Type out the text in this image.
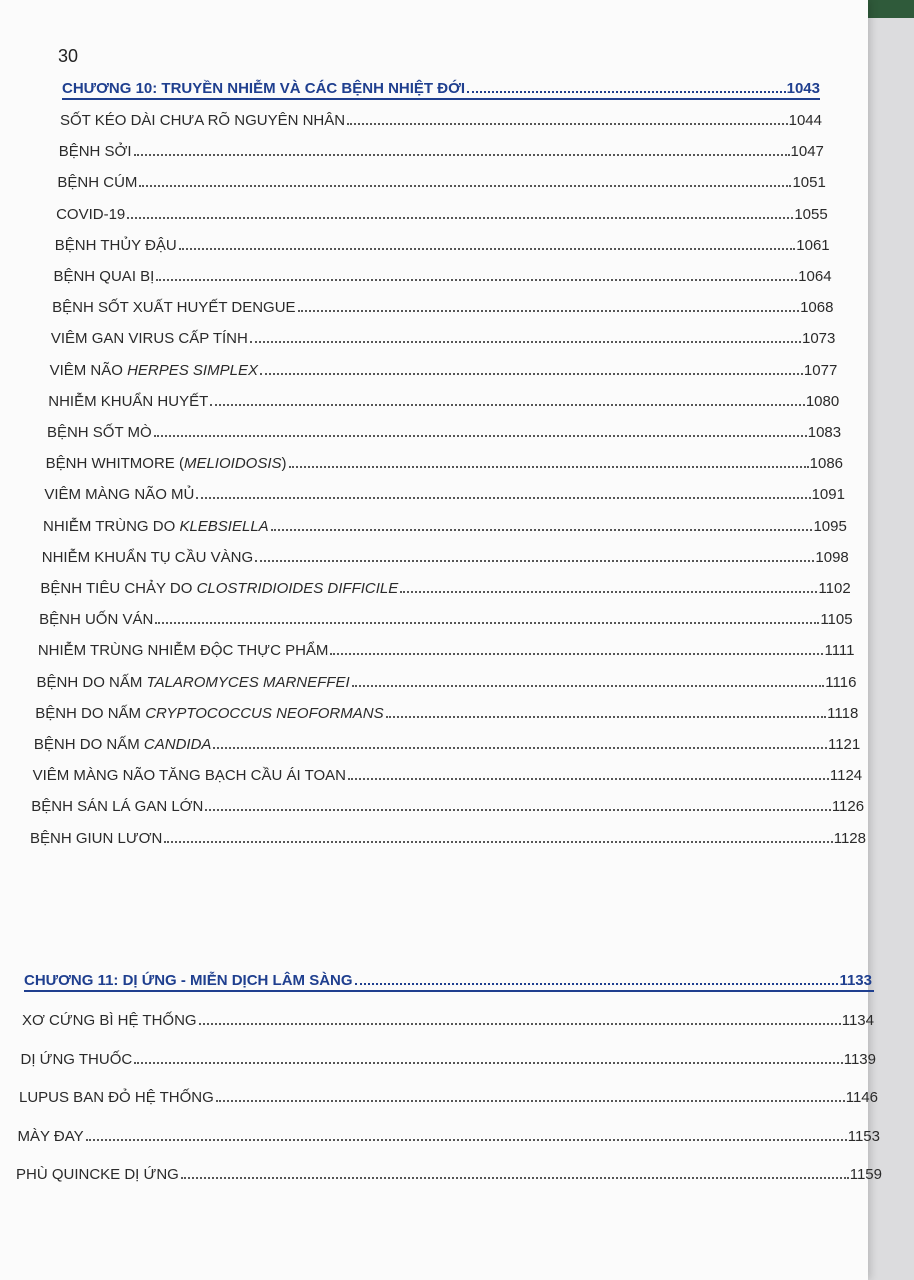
30
CHƯƠNG 10: TRUYỀN NHIỄM VÀ CÁC BỆNH NHIỆT ĐỚI	1043
SỐT KÉO DÀI CHƯA RÕ NGUYÊN NHÂN	1044
BỆNH SỞI	1047
BỆNH CÚM	1051
COVID-19	1055
BỆNH THỦY ĐẬU	1061
BỆNH QUAI BỊ	1064
BỆNH SỐT XUẤT HUYẾT DENGUE	1068
VIÊM GAN VIRUS CẤP TÍNH	1073
VIÊM NÃO HERPES SIMPLEX	1077
NHIỄM KHUẨN HUYẾT	1080
BỆNH SỐT MÒ	1083
BỆNH WHITMORE (MELIOIDOSIS)	1086
VIÊM MÀNG NÃO MỦ	1091
NHIỄM TRÙNG DO KLEBSIELLA	1095
NHIỄM KHUẨN TỤ CẦU VÀNG	1098
BỆNH TIÊU CHẢY DO CLOSTRIDIOIDES DIFFICILE	1102
BỆNH UỐN VÁN	1105
NHIỄM TRÙNG NHIỄM ĐỘC THỰC PHẨM	1111
BỆNH DO NẤM TALAROMYCES MARNEFFEI	1116
BỆNH DO NẤM CRYPTOCOCCUS NEOFORMANS	1118
BỆNH DO NẤM CANDIDA	1121
VIÊM MÀNG NÃO TĂNG BẠCH CẦU ÁI TOAN	1124
BỆNH SÁN LÁ GAN LỚN	1126
BỆNH GIUN LƯƠN	1128
CHƯƠNG 11: DỊ ỨNG - MIỄN DỊCH LÂM SÀNG	1133
XƠ CỨNG BÌ HỆ THỐNG	1134
DỊ ỨNG THUỐC	1139
LUPUS BAN ĐỎ HỆ THỐNG	1146
MÀY ĐAY	1153
PHÙ QUINCKE DỊ ỨNG	1159
